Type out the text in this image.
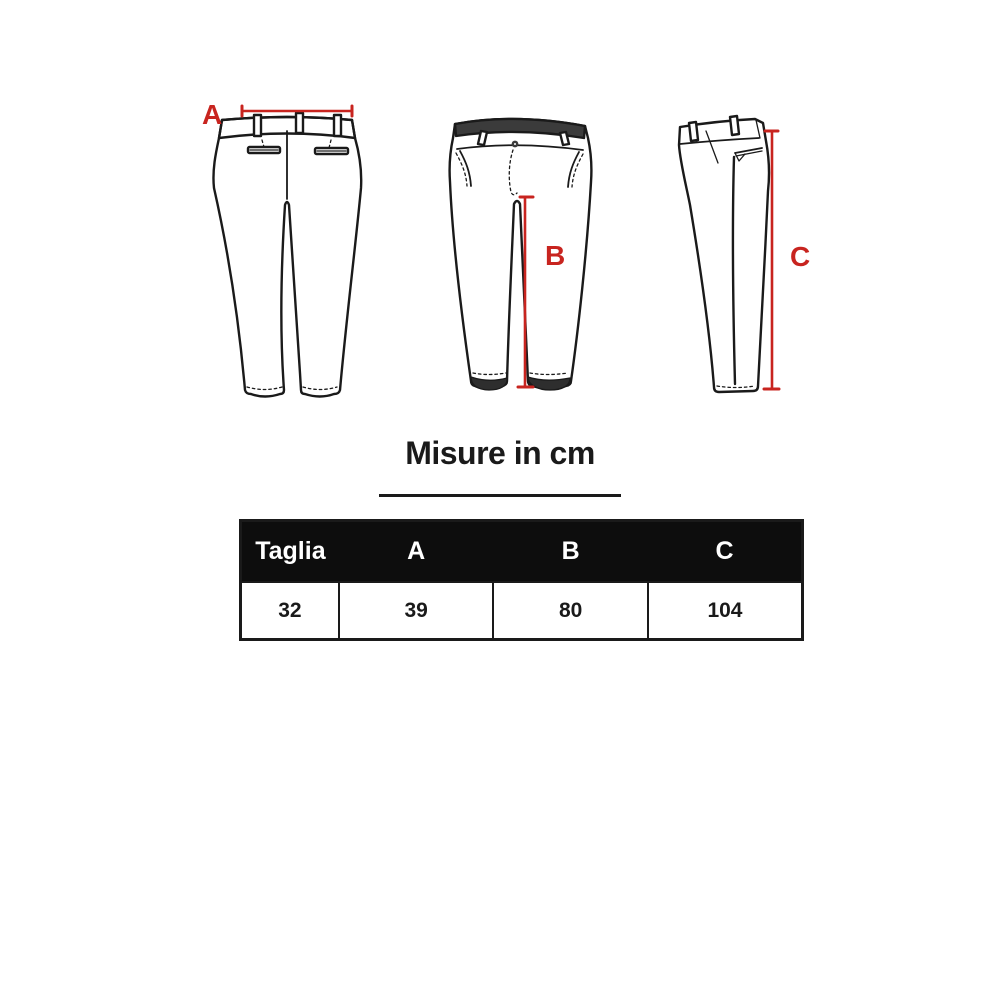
A
B	C
Misure in cm
Taglia	A	B	C
32	39	80	104
